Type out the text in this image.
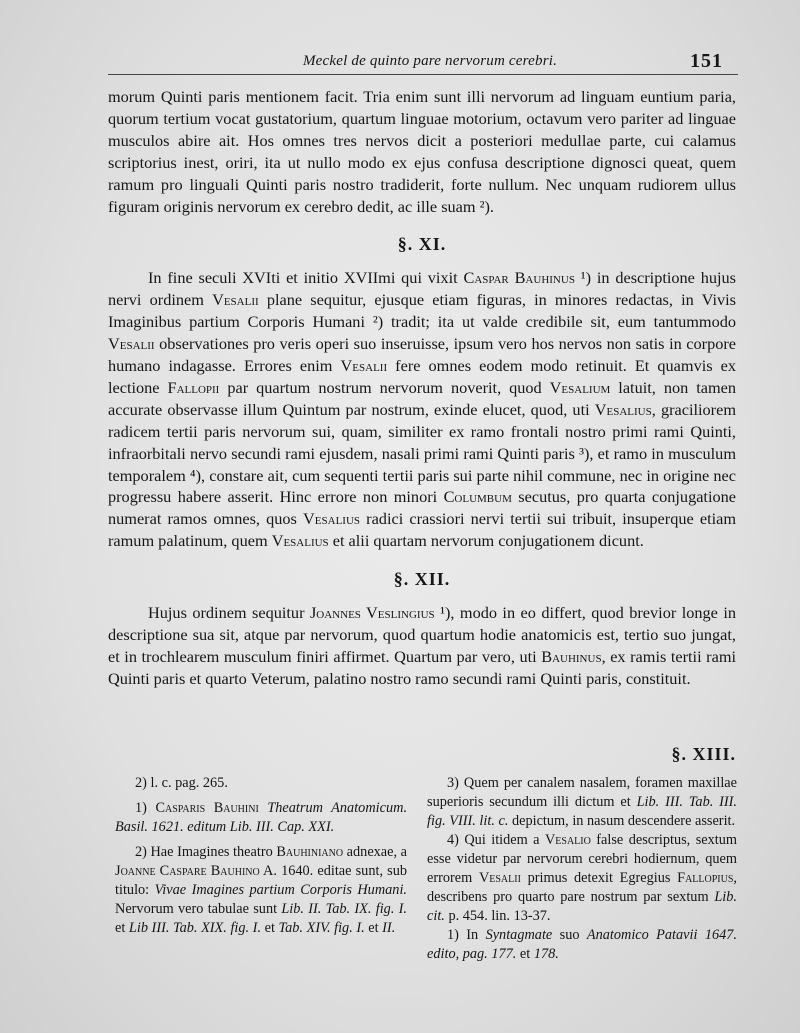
Meckel de quinto pare nervorum cerebri.	151

morum Quinti paris mentionem facit. Tria enim sunt illi nervorum ad linguam euntium paria, quorum tertium vocat gustatorium, quartum linguae motorium, octavum vero pariter ad linguae musculos abire ait. Hos omnes tres nervos dicit a posteriori medullae parte, cui calamus scriptorius inest, oriri, ita ut nullo modo ex ejus confusa descriptione dignosci queat, quem ramum pro linguali Quinti paris nostro tradiderit, forte nullum. Nec unquam rudiorem ullus figuram originis nervorum ex cerebro dedit, ac ille suam ²).

§. XI.

In fine seculi XVIti et initio XVIImi qui vixit Caspar Bauhinus ¹) in descriptione hujus nervi ordinem Vesalii plane sequitur, ejusque etiam figuras, in minores redactas, in Vivis Imaginibus partium Corporis Humani ²) tradit; ita ut valde credibile sit, eum tantummodo Vesalii observationes pro veris operi suo inseruisse, ipsum vero hos nervos non satis in corpore humano indagasse. Errores enim Vesalii fere omnes eodem modo retinuit. Et quamvis ex lectione Fallopii par quartum nostrum nervorum noverit, quod Vesalium latuit, non tamen accurate observasse illum Quintum par nostrum, exinde elucet, quod, uti Vesalius, graciliorem radicem tertii paris nervorum sui, quam, similiter ex ramo frontali nostro primi rami Quinti, infraorbitali nervo secundi rami ejusdem, nasali primi rami Quinti paris ³), et ramo in musculum temporalem ⁴), constare ait, cum sequenti tertii paris sui parte nihil commune, nec in origine nec progressu habere asserit. Hinc errore non minori Columbum secutus, pro quarta conjugatione numerat ramos omnes, quos Vesalius radici crassiori nervi tertii sui tribuit, insuperque etiam ramum palatinum, quem Vesalius et alii quartam nervorum conjugationem dicunt.

§. XII.

Hujus ordinem sequitur Joannes Veslingius ¹), modo in eo differt, quod brevior longe in descriptione sua sit, atque par nervorum, quod quartum hodie anatomicis est, tertio suo jungat, et in trochlearem musculum finiri affirmet. Quartum par vero, uti Bauhinus, ex ramis tertii rami Quinti paris et quarto Veterum, palatino nostro ramo secundi rami Quinti paris, constituit.

§. XIII.

2) l. c. pag. 265.

1) Casparis Bauhini Theatrum Anatomicum. Basil. 1621. editum Lib. III. Cap. XXI.

2) Hae Imagines theatro Bauhiniano adnexae, a Joanne Caspare Bauhino A. 1640. editae sunt, sub titulo: Vivae Imagines partium Corporis Humani. Nervorum vero tabulae sunt Lib. II. Tab. IX. fig. I. et Lib III. Tab. XIX. fig. I. et Tab. XIV. fig. I. et II.

3) Quem per canalem nasalem, foramen maxillae superioris secundum illi dictum et Lib. III. Tab. III. fig. VIII. lit. c. depictum, in nasum descendere asserit.

4) Qui itidem a Vesalio false descriptus, sextum esse videtur par nervorum cerebri hodiernum, quem errorem Vesalii primus detexit Egregius Fallopius, describens pro quarto pare nostrum par sextum Lib. cit. p. 454. lin. 13-37.

1) In Syntagmate suo Anatomico Patavii 1647. edito, pag. 177. et 178.
